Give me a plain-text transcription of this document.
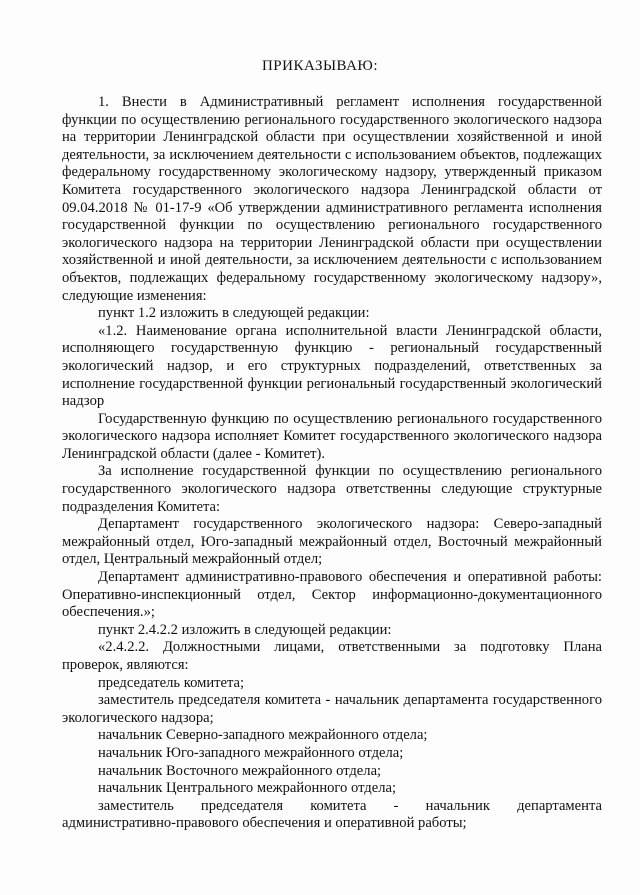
ПРИКАЗЫВАЮ:

1. Внести в Административный регламент исполнения государственной функции по осуществлению регионального государственного экологического надзора на территории Ленинградской области при осуществлении хозяйственной и иной деятельности, за исключением деятельности с использованием объектов, подлежащих федеральному государственному экологическому надзору, утвержденный приказом Комитета государственного экологического надзора Ленинградской области от 09.04.2018 № 01-17-9 «Об утверждении административного регламента исполнения государственной функции по осуществлению регионального государственного экологического надзора на территории Ленинградской области при осуществлении хозяйственной и иной деятельности, за исключением деятельности с использованием объектов, подлежащих федеральному государственному экологическому надзору», следующие изменения:

пункт 1.2 изложить в следующей редакции:

«1.2. Наименование органа исполнительной власти Ленинградской области, исполняющего государственную функцию - региональный государственный экологический надзор, и его структурных подразделений, ответственных за исполнение государственной функции региональный государственный экологический надзор

Государственную функцию по осуществлению регионального государственного экологического надзора исполняет Комитет государственного экологического надзора Ленинградской области (далее - Комитет).

За исполнение государственной функции по осуществлению регионального государственного экологического надзора ответственны следующие структурные подразделения Комитета:

Департамент государственного экологического надзора: Северо-западный межрайонный отдел, Юго-западный межрайонный отдел, Восточный межрайонный отдел, Центральный межрайонный отдел;

Департамент административно-правового обеспечения и оперативной работы: Оперативно-инспекционный отдел, Сектор информационно-документационного обеспечения.»;

пункт 2.4.2.2 изложить в следующей редакции:

«2.4.2.2. Должностными лицами, ответственными за подготовку Плана проверок, являются:

председатель комитета;

заместитель председателя комитета - начальник департамента государственного экологического надзора;

начальник Северно-западного межрайонного отдела;

начальник Юго-западного межрайонного отдела;

начальник Восточного межрайонного отдела;

начальник Центрального межрайонного отдела;

заместитель председателя комитета - начальник департамента административно-правового обеспечения и оперативной работы;
